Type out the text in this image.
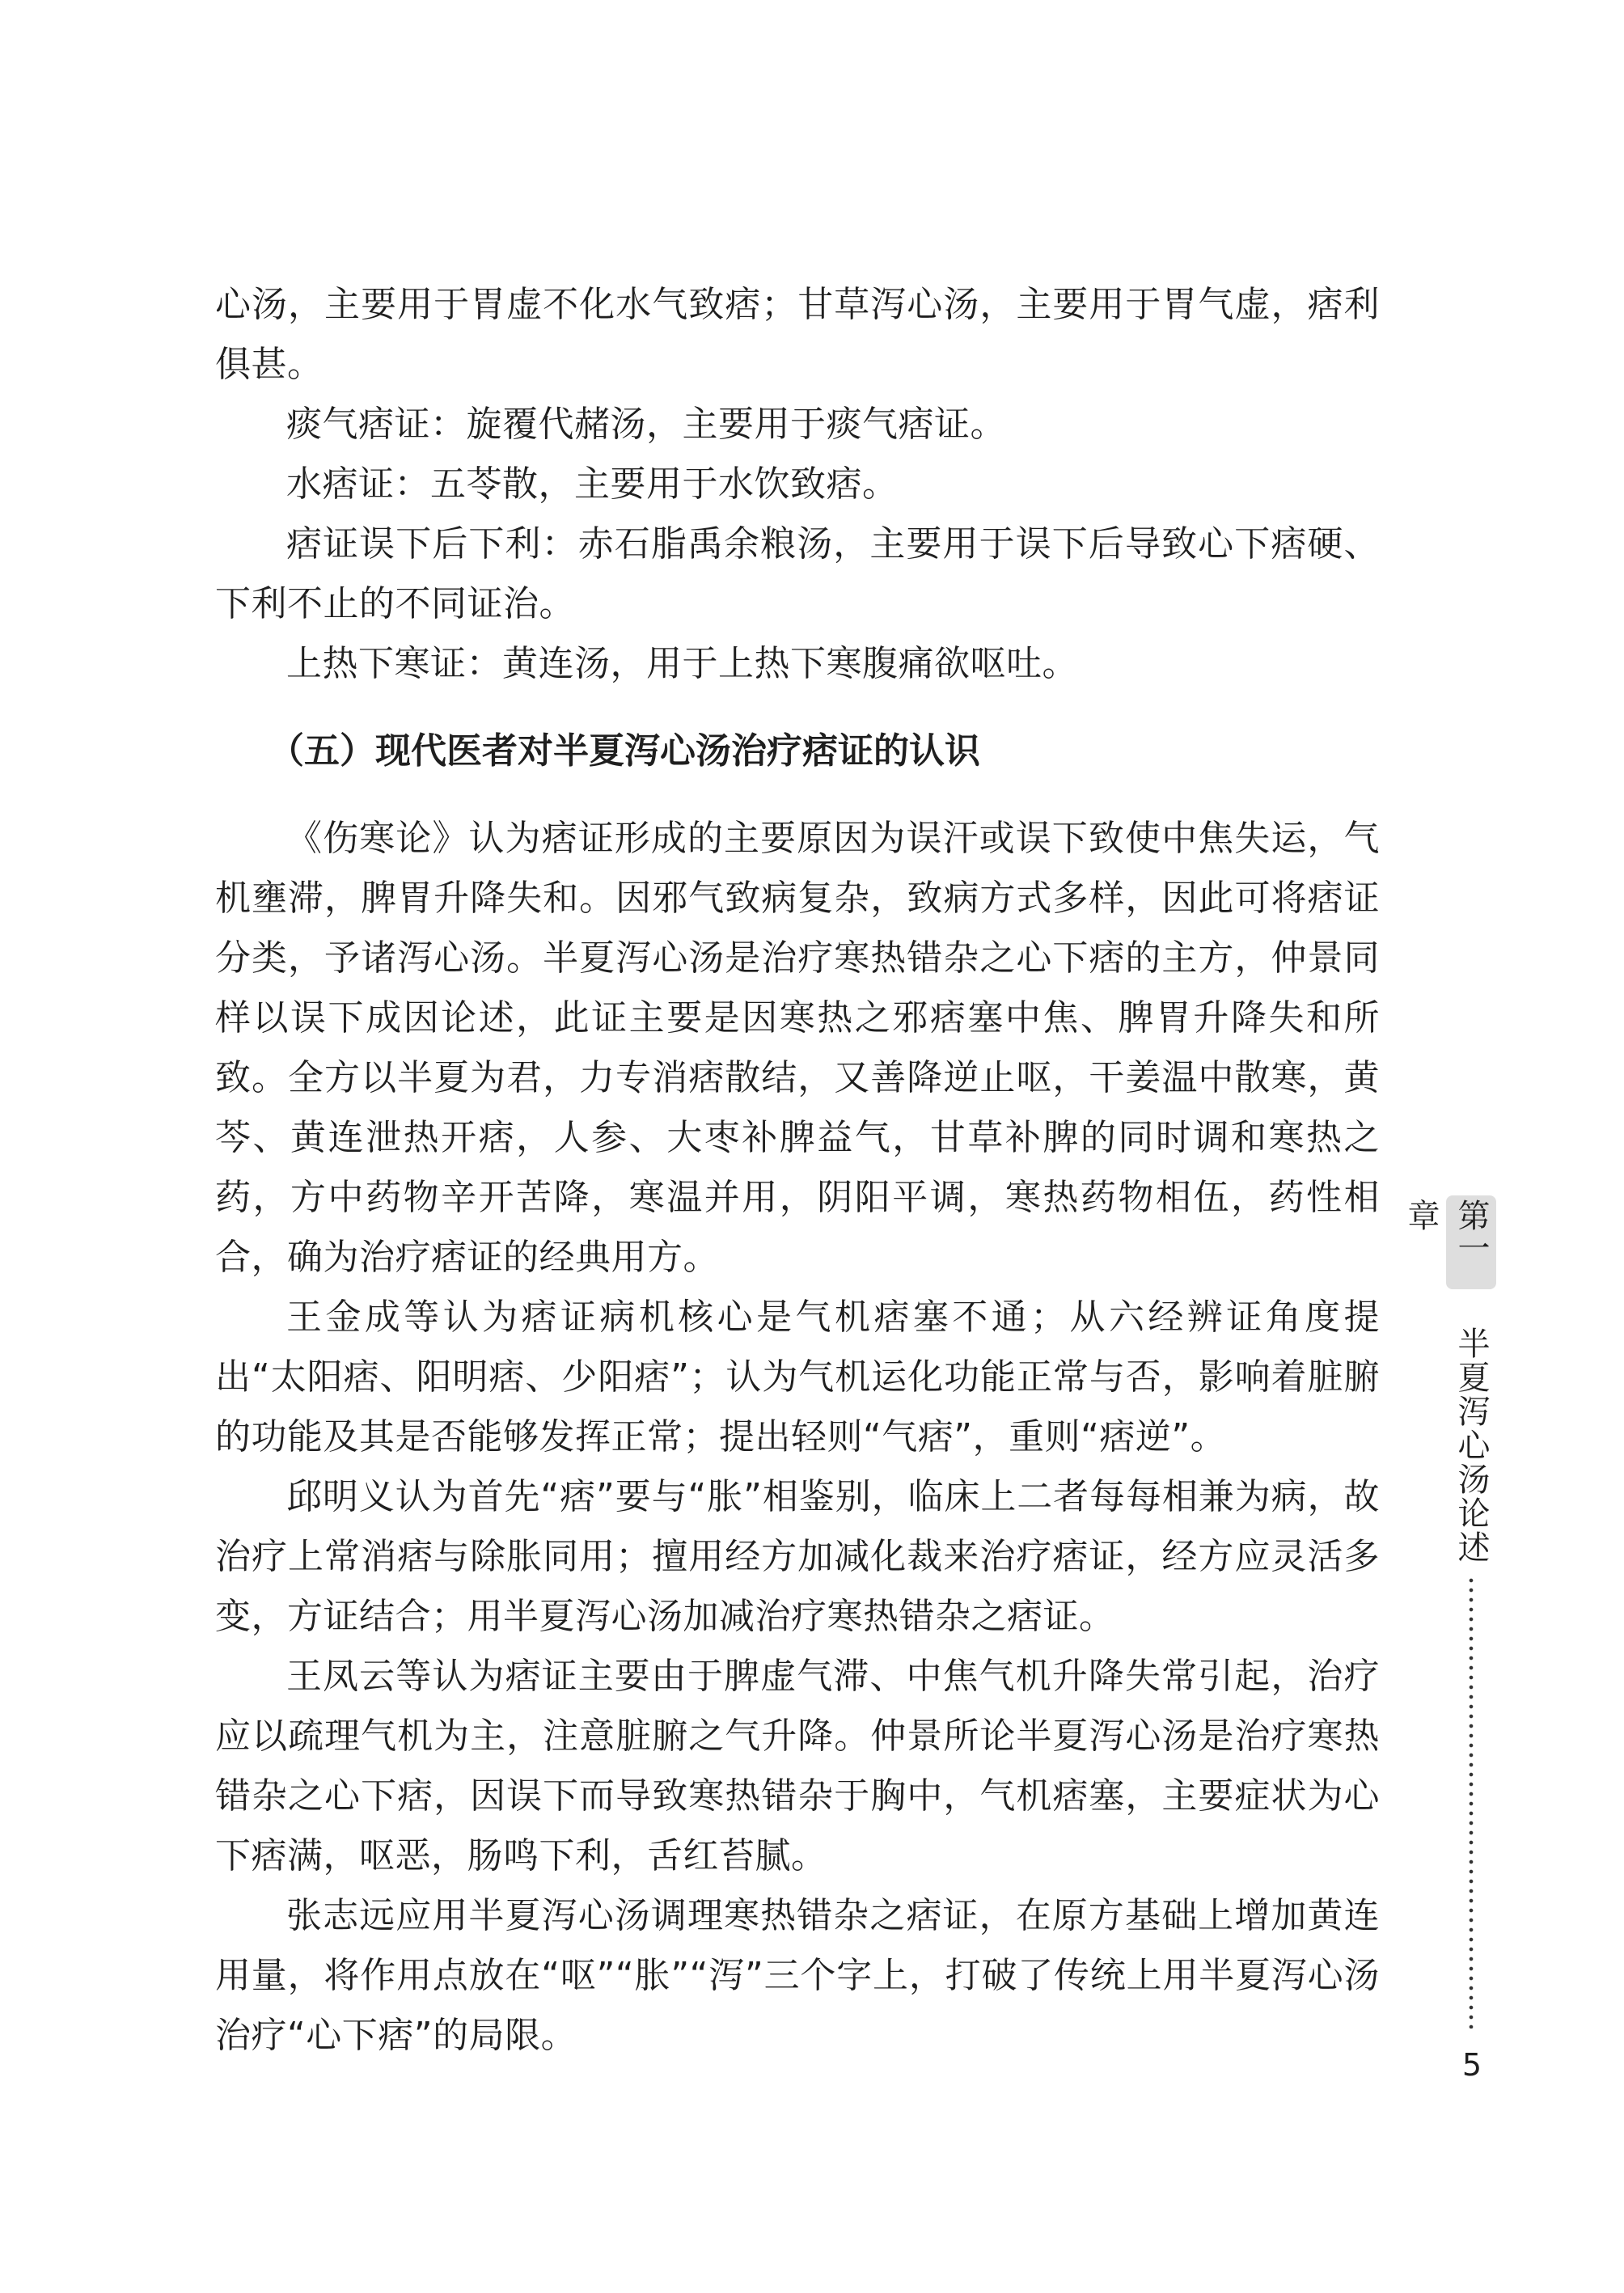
心汤，主要用于胃虚不化水气致痞；甘草泻心汤，主要用于胃气虚，痞利俱甚。

痰气痞证：旋覆代赭汤，主要用于痰气痞证。

水痞证：五苓散，主要用于水饮致痞。

痞证误下后下利：赤石脂禹余粮汤，主要用于误下后导致心下痞硬、下利不止的不同证治。

上热下寒证：黄连汤，用于上热下寒腹痛欲呕吐。

（五）现代医者对半夏泻心汤治疗痞证的认识

《伤寒论》认为痞证形成的主要原因为误汗或误下致使中焦失运，气机壅滞，脾胃升降失和。因邪气致病复杂，致病方式多样，因此可将痞证分类，予诸泻心汤。半夏泻心汤是治疗寒热错杂之心下痞的主方，仲景同样以误下成因论述，此证主要是因寒热之邪痞塞中焦、脾胃升降失和所致。全方以半夏为君，力专消痞散结，又善降逆止呕，干姜温中散寒，黄芩、黄连泄热开痞，人参、大枣补脾益气，甘草补脾的同时调和寒热之药，方中药物辛开苦降，寒温并用，阴阳平调，寒热药物相伍，药性相合，确为治疗痞证的经典用方。

王金成等认为痞证病机核心是气机痞塞不通；从六经辨证角度提出“太阳痞、阳明痞、少阳痞”；认为气机运化功能正常与否，影响着脏腑的功能及其是否能够发挥正常；提出轻则“气痞”，重则“痞逆”。

邱明义认为首先“痞”要与“胀”相鉴别，临床上二者每每相兼为病，故治疗上常消痞与除胀同用；擅用经方加减化裁来治疗痞证，经方应灵活多变，方证结合；用半夏泻心汤加减治疗寒热错杂之痞证。

王凤云等认为痞证主要由于脾虚气滞、中焦气机升降失常引起，治疗应以疏理气机为主，注意脏腑之气升降。仲景所论半夏泻心汤是治疗寒热错杂之心下痞，因误下而导致寒热错杂于胸中，气机痞塞，主要症状为心下痞满，呕恶，肠鸣下利，舌红苔腻。

张志远应用半夏泻心汤调理寒热错杂之痞证，在原方基础上增加黄连用量，将作用点放在“呕”“胀”“泻”三个字上，打破了传统上用半夏泻心汤治疗“心下痞”的局限。

第一章
半夏泻心汤论述
5
